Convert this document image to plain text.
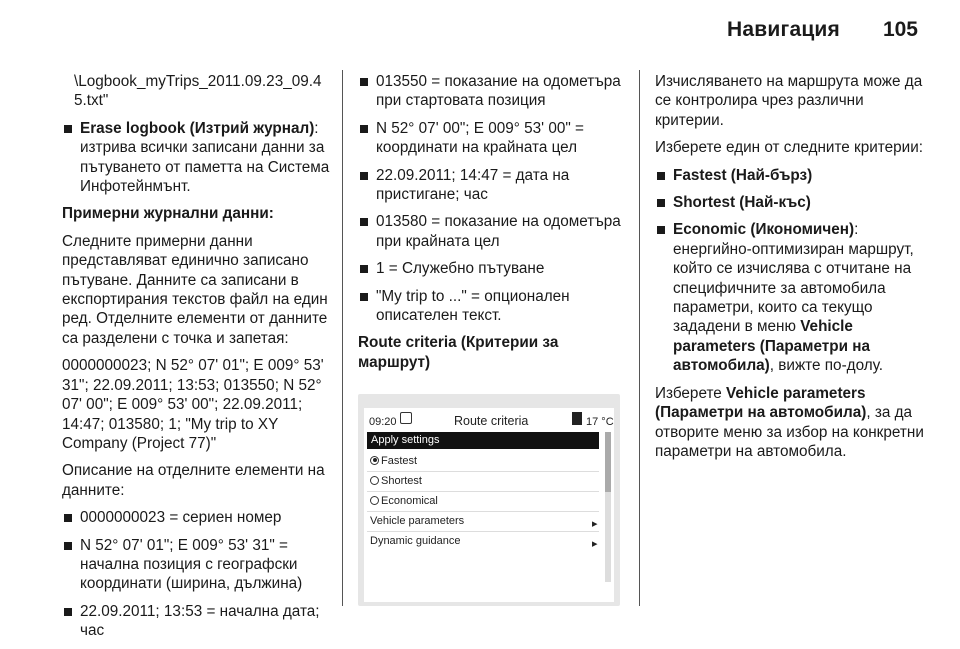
Навигация 105

\Logbook_myTrips_2011.09.23_09.45.txt"

Erase logbook (Изтрий журнал): изтрива всички записани данни за пътуването от паметта на Система Инфотейнмънт.

Примерни журнални данни:

Следните примерни данни представляват единично записано пътуване. Данните са записани в експортирания текстов файл на един ред. Отделните елементи от данните са разделени с точка и запетая:

0000000023; N 52° 07' 01"; E 009° 53' 31"; 22.09.2011; 13:53; 013550; N 52° 07' 00"; E 009° 53' 00"; 22.09.2011; 14:47; 013580; 1; "My trip to XY Company (Project 77)"

Описание на отделните елементи на данните:

0000000023 = сериен номер
N 52° 07' 01"; E 009° 53' 31" = начална позиция с географски координати (ширина, дължина)
22.09.2011; 13:53 = начална дата; час
013550 = показание на одометъра при стартовата позиция
N 52° 07' 00"; E 009° 53' 00" = координати на крайната цел
22.09.2011; 14:47 = дата на пристигане; час
013580 = показание на одометъра при крайната цел
1 = Служебно пътуване
"My trip to ..." = опционален описателен текст.
Route criteria (Критерии за маршрут)
09:20	Route criteria	17 °C
Apply settings
Fastest
Shortest
Economical
Vehicle parameters	▸
Dynamic guidance	▸

Изчисляването на маршрута може да се контролира чрез различни критерии.

Изберете един от следните критерии:

Fastest (Най-бърз)
Shortest (Най-къс)
Economic (Икономичен): енергийно-оптимизиран маршрут, който се изчислява с отчитане на специфичните за автомобила параметри, които са текущо зададени в меню Vehicle parameters (Параметри на автомобила), вижте по-долу.

Изберете Vehicle parameters (Параметри на автомобила), за да отворите меню за избор на конкретни параметри на автомобила.
